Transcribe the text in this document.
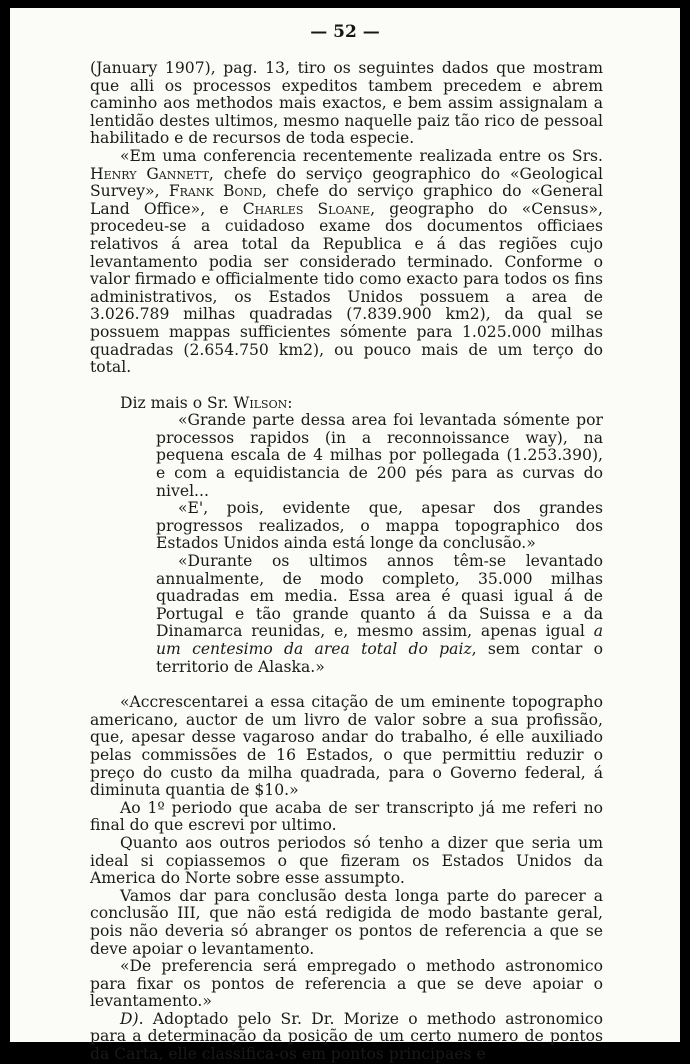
— 52 —

(January 1907), pag. 13, tiro os seguintes dados que mostram que alli os processos expeditos tambem precedem e abrem caminho aos methodos mais exactos, e bem assim assignalam a lentidão destes ultimos, mesmo naquelle paiz tão rico de pessoal habilitado e de recursos de toda especie.

«Em uma conferencia recentemente realizada entre os Srs. Henry Gannett, chefe do serviço geographico do «Geological Survey», Frank Bond, chefe do serviço graphico do «General Land Office», e Charles Sloane, geographo do «Census», procedeu-se a cuidadoso exame dos documentos officiaes relativos á area total da Republica e á das regiões cujo levantamento podia ser considerado terminado. Conforme o valor firmado e officialmente tido como exacto para todos os fins administrativos, os Estados Unidos possuem a area de 3.026.789 milhas quadradas (7.839.900 km2), da qual se possuem mappas sufficientes sómente para 1.025.000 milhas quadradas (2.654.750 km2), ou pouco mais de um terço do total.

Diz mais o Sr. Wilson:

«Grande parte dessa area foi levantada sómente por processos rapidos (in a reconnoissance way), na pequena escala de 4 milhas por pollegada (1.253.390), e com a equidistancia de 200 pés para as curvas do nivel...

«E', pois, evidente que, apesar dos grandes progressos realizados, o mappa topographico dos Estados Unidos ainda está longe da conclusão.»

«Durante os ultimos annos têm-se levantado annualmente, de modo completo, 35.000 milhas quadradas em media. Essa area é quasi igual á de Portugal e tão grande quanto á da Suissa e a da Dinamarca reunidas, e, mesmo assim, apenas igual a um centesimo da area total do paiz, sem contar o territorio de Alaska.»

«Accrescentarei a essa citação de um eminente topographo americano, auctor de um livro de valor sobre a sua profissão, que, apesar desse vagaroso andar do trabalho, é elle auxiliado pelas commissões de 16 Estados, o que permittiu reduzir o preço do custo da milha quadrada, para o Governo federal, á diminuta quantia de $10.»

Ao 1º periodo que acaba de ser transcripto já me referi no final do que escrevi por ultimo.

Quanto aos outros periodos só tenho a dizer que seria um ideal si copiassemos o que fizeram os Estados Unidos da America do Norte sobre esse assumpto.

Vamos dar para conclusão desta longa parte do parecer a conclusão III, que não está redigida de modo bastante geral, pois não deveria só abranger os pontos de referencia a que se deve apoiar o levantamento.

«De preferencia será empregado o methodo astronomico para fixar os pontos de referencia a que se deve apoiar o levantamento.»

D). Adoptado pelo Sr. Dr. Morize o methodo astronomico para a determinação da posição de um certo numero de pontos da Carta, elle classifica-os em pontos principaes e
